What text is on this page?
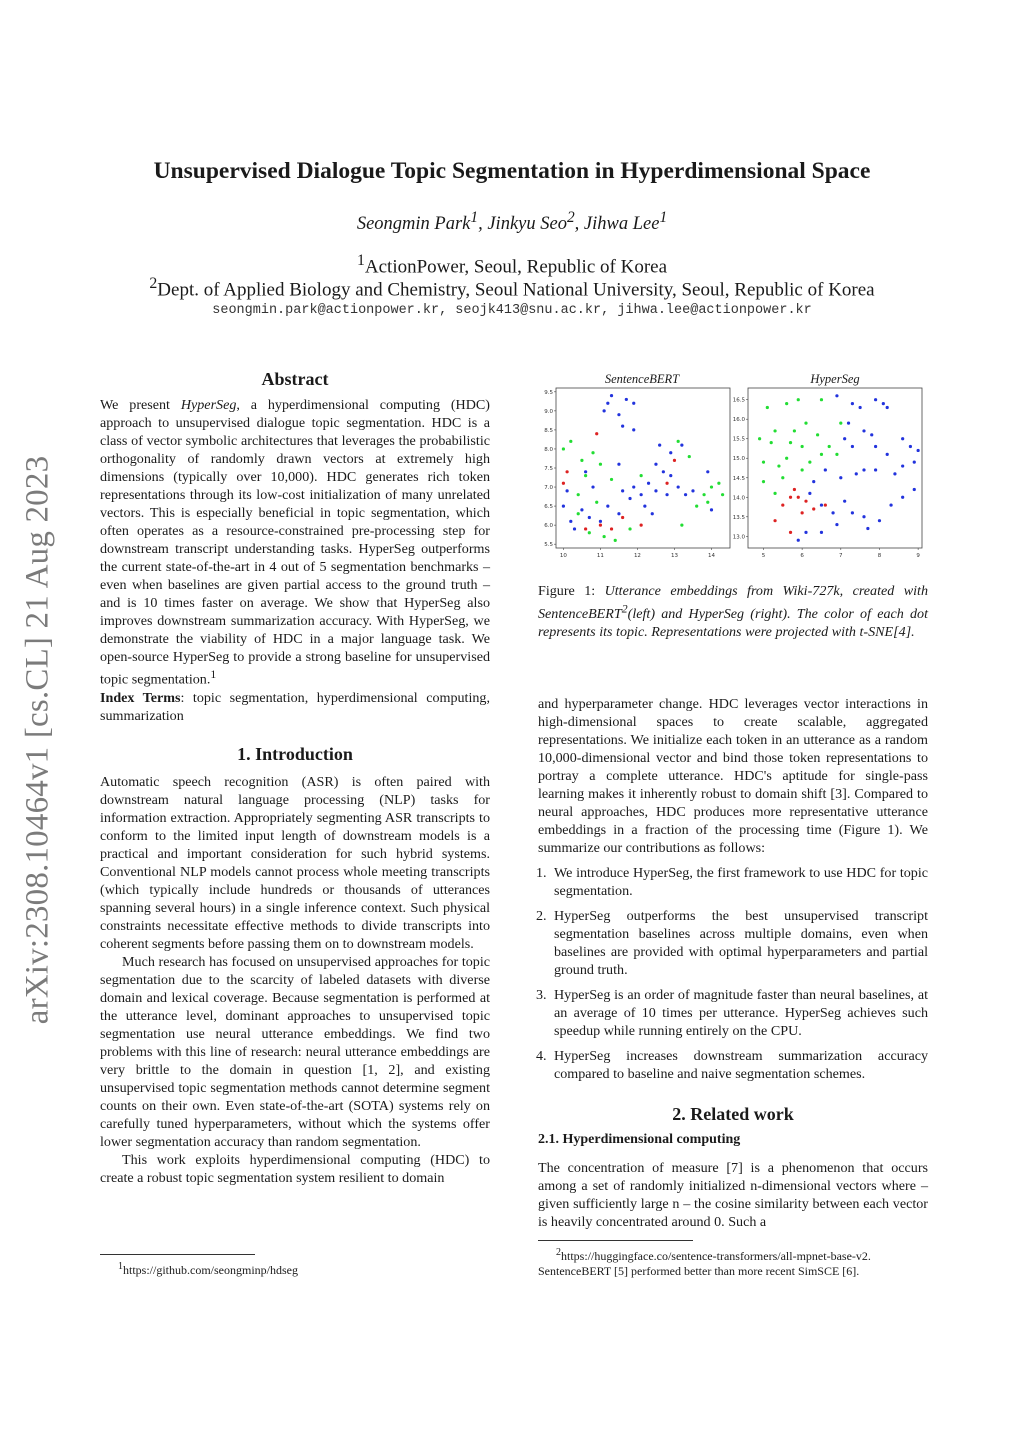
arXiv:2308.10464v1 [cs.CL] 21 Aug 2023
Unsupervised Dialogue Topic Segmentation in Hyperdimensional Space
Seongmin Park$^1$, Jinkyu Seo$^2$, Jihwa Lee$^1$
$^1$ActionPower, Seoul, Republic of Korea
$^2$Dept. of Applied Biology and Chemistry, Seoul National University, Seoul, Republic of Korea
seongmin.park@actionpower.kr, seojk413@snu.ac.kr, jihwa.lee@actionpower.kr
Abstract

We present HyperSeg, a hyperdimensional computing (HDC) approach to unsupervised dialogue topic segmentation. HDC is a class of vector symbolic architectures that leverages the probabilistic orthogonality of randomly drawn vectors at extremely high dimensions (typically over 10,000). HDC generates rich token representations through its low-cost initialization of many unrelated vectors. This is especially beneficial in topic segmentation, which often operates as a resource-constrained pre-processing step for downstream transcript understanding tasks. HyperSeg outperforms the current state-of-the-art in 4 out of 5 segmentation benchmarks – even when baselines are given partial access to the ground truth – and is 10 times faster on average. We show that HyperSeg also improves downstream summarization accuracy. With HyperSeg, we demonstrate the viability of HDC in a major language task. We open-source HyperSeg to provide a strong baseline for unsupervised topic segmentation.$^1$

Index Terms: topic segmentation, hyperdimensional computing, summarization

1. Introduction

Automatic speech recognition (ASR) is often paired with downstream natural language processing (NLP) tasks for information extraction. Appropriately segmenting ASR transcripts to conform to the limited input length of downstream models is a practical and important consideration for such hybrid systems. Conventional NLP models cannot process whole meeting transcripts (which typically include hundreds or thousands of utterances spanning several hours) in a single inference context. Such physical constraints necessitate effective methods to divide transcripts into coherent segments before passing them on to downstream models.

Much research has focused on unsupervised approaches for topic segmentation due to the scarcity of labeled datasets with diverse domain and lexical coverage. Because segmentation is performed at the utterance level, dominant approaches to unsupervised topic segmentation use neural utterance embeddings. We find two problems with this line of research: neural utterance embeddings are very brittle to the domain in question [1, 2], and existing unsupervised topic segmentation methods cannot determine segment counts on their own. Even state-of-the-art (SOTA) systems rely on carefully tuned hyperparameters, without which the systems offer lower segmentation accuracy than random segmentation.

This work exploits hyperdimensional computing (HDC) to create a robust topic segmentation system resilient to domain

$^1$https://github.com/seongminp/hdseg
SentenceBERT	HyperSeg
10	11	12	13	14
5.5
6.0
6.5
7.0
7.5
8.0
8.5
9.0
9.5
5	6	7	8	9
13.0
13.5
14.0
14.5
15.0
15.5
16.0
16.5

Figure 1: Utterance embeddings from Wiki-727k, created with SentenceBERT$^2$(left) and HyperSeg (right). The color of each dot represents its topic. Representations were projected with t-SNE[4].

and hyperparameter change. HDC leverages vector interactions in high-dimensional spaces to create scalable, aggregated representations. We initialize each token in an utterance as a random 10,000-dimensional vector and bind those token representations to portray a complete utterance. HDC's aptitude for single-pass learning makes it inherently robust to domain shift [3]. Compared to neural approaches, HDC produces more representative utterance embeddings in a fraction of the processing time (Figure 1). We summarize our contributions as follows:

1. We introduce HyperSeg, the first framework to use HDC for topic segmentation.
2. HyperSeg outperforms the best unsupervised transcript segmentation baselines across multiple domains, even when baselines are provided with optimal hyperparameters and partial ground truth.
3. HyperSeg is an order of magnitude faster than neural baselines, at an average of 10 times per utterance. HyperSeg achieves such speedup while running entirely on the CPU.
4. HyperSeg increases downstream summarization accuracy compared to baseline and naive segmentation schemes.
2. Related work
2.1. Hyperdimensional computing

The concentration of measure [7] is a phenomenon that occurs among a set of randomly initialized n-dimensional vectors where – given sufficiently large n – the cosine similarity between each vector is heavily concentrated around 0. Such a

$^2$https://huggingface.co/sentence-transformers/all-mpnet-base-v2. SentenceBERT [5] performed better than more recent SimSCE [6].
